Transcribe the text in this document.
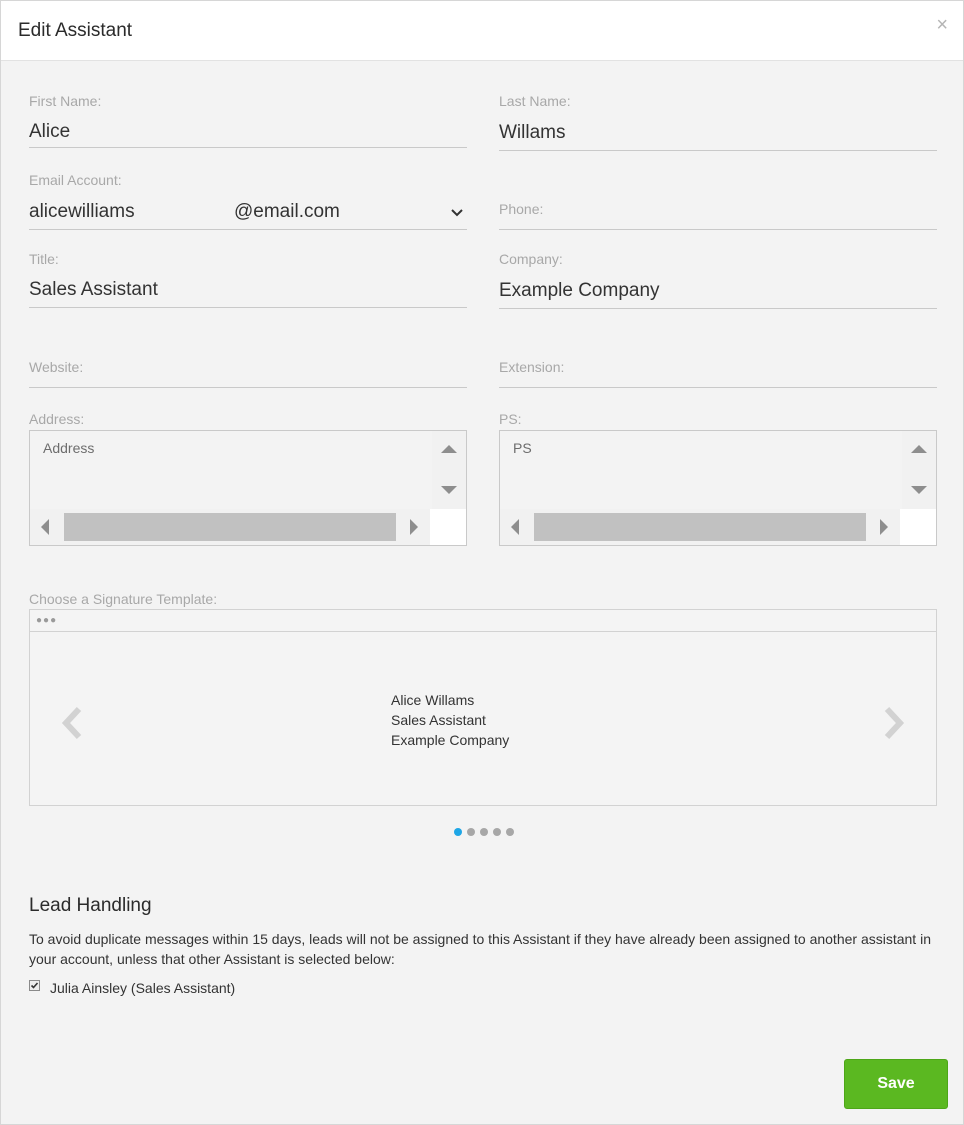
Edit Assistant	×
First Name:
Alice
Last Name:
Willams
Email Account:
alicewilliams	@email.com	Phone:
Title:
Sales Assistant
Company:
Example Company
Website:	Extension:
Address:
Address
PS:
PS
Choose a Signature Template:
●●●
Alice Willams
Sales Assistant
Example Company
Lead Handling
To avoid duplicate messages within 15 days, leads will not be assigned to this Assistant if they have already been assigned to another assistant in your account, unless that other Assistant is selected below:
Julia Ainsley (Sales Assistant)
Save
